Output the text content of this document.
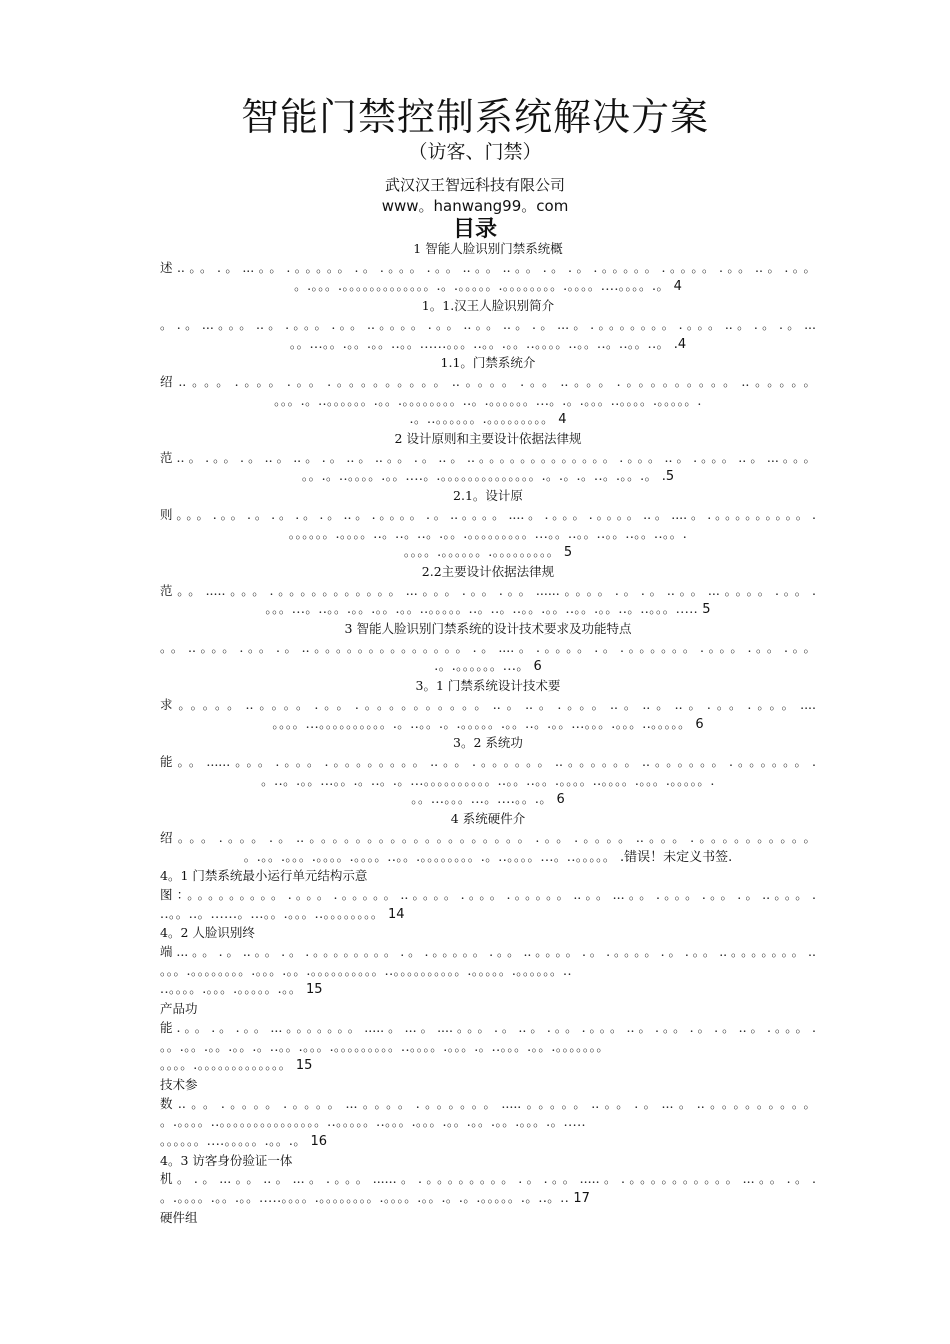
智能门禁控制系统解决方案
（访客、门禁）
武汉汉王智远科技有限公司
www。hanwang99。com
目录
1 智能人脸识别门禁系统概
述..。。.。...。。.。。。。。.。.。。。.。。..。。..。。.。.。.。。。。。.。。。。.。。..。.。。
。.。。。.。。。。。。。。。。。。。.。.。。。。。.。。。。。。。。.。。。。....。。。。.。 4
1。1.汉王人脸识别简介
。.。...。。。..。.。。。.。。..。。。。.。。..。。..。.。...。.。。。。。。。.。。。..。.。.。...
。。...。。.。。.。。..。。......。。。..。。.。。..。。。。..。。..。..。。..。 .4
1.1。门禁系统介
绍..。。。.。。。.。。.。。。。。。。。。..。。。。.。。..。。。.。。。。。。。。。..。。。。。
。。。.。..。。。。。。.。。.。。。。。。。。..。.。。。。。。...。.。.。。。..。。。。.。。。。。.
.。..。。。。。。.。。。。。。。。。 4
2 设计原则和主要设计依据法律规
范..。.。。.。..。..。.。..。..。。.。..。..。。。。。。。。。。。。。.。。。..。.。。。..。...。。。
。。.。..。。。。.。。....。.。。。。。。。。。。。。。。.。.。.。..。.。。.。 .5
2.1。设计原
则。。。.。。.。.。.。.。..。.。。。。.。..。。。。....。.。。。.。。。。..。....。.。。。。。。。。。.
。。。。。。.。。。。..。..。..。.。。.。。。。。。。。。...。。..。。..。。..。。..。。.
。。。。.。。。。。。.。。。。。。。。。 5
2.2主要设计依据法律规
范。。.....。。。.。。。。。。。。。。。...。。。.。。.。。......。。。。.。.。..。。...。。。。.。。.
。。。...。..。。.。。.。。.。。..。。。。。..。..。..。。.。。..。。.。。..。..。。。..... 5
3 智能人脸识别门禁系统的设计技术要求及功能特点
。。..。。。.。。.。..。。。。。。。。。。。。。。.。....。.。。。。.。.。。。。。。.。。。.。。.。。
.。.。。。。。。...。 6
3。1 门禁系统设计技术要
求。。。。。..。。。。.。。.。。。。。。。。。。..。..。.。。。..。..。..。.。。.。。。....
。。。。...。。。。。。。。。。.。..。。.。.。。。。。.。。..。.。。...。。。.。。。..。。。。。 6
3。2 系统功
能。。......。。。.。。。.。。。。。。。。..。。.。。。。。。..。。。。。。..。。。。。。.。。。。。。.
。..。.。。...。。.。..。.。...。。。。。。。。。。..。。..。。.。。。。..。。。。.。。。.。。。。。.
。。...。。。...。....。。.。 6
4 系统硬件介
绍。。。.。。。.。..。。。。。。。。。。。。。。。。。。。.。。.。。。。..。。。.。。。。。。。。。。
。.。。.。。。.。。。。.。。。。..。。.。。。。。。。。.。..。。。。...。..。。。。。 .错误！未定义书签.
4。1 门禁系统最小运行单元结构示意
图：。。。。。。。。。.。。。.。。。。。..。。。。.。。。.。。。。。..。。...。。.。。。.。。.。..。。。.
..。。..。......。...。。.。。。..。。。。。。。。 14
4。2 人脸识别终
端...。。.。..。。.。.。。。。。。。。.。.。。。。。.。。..。。。。.。.。。。。.。.。。..。。。。。。。..
。。。.。。。。。。。。.。。。.。。.。。。。。。。。。。..。。。。。。。。。。.。。。。。.。。。。。。..
..。。。。.。。。.。。。。。.。。 15
产品功
能.。。.。.。。...。。。。。。。.....。...。....。。。.。..。.。。.。。。..。.。。.。.。..。.。。。.
。。.。。.。。.。。.。..。。.。。。.。。。。。。。。。..。。。。.。。。.。..。。。.。。.。。。。。。。
。。。。.。。。。。。。。。。。。。 15
技术参
数..。。.。。。。.。。。。...。。。。.。。。。。。.....。。。。。..。。.。...。..。。。。。。。。。
。.。。。。..。。。。。。。。。。。。。。。..。。。。。..。。。.。。。.。。.。。.。。.。。。.。.....
。。。。。。....。。。。。.。。.。 16
4。3 访客身份验证一体
机。.。...。。..。...。.。。。......。.。。。。。。。。.。.。。.....。.。。。。。。。。。。...。。.。.
。.。。。。.。。.。。.....。。。。.。。。。。。。。.。。。。.。。.。.。.。。。。。.。..。.. 17
硬件组
